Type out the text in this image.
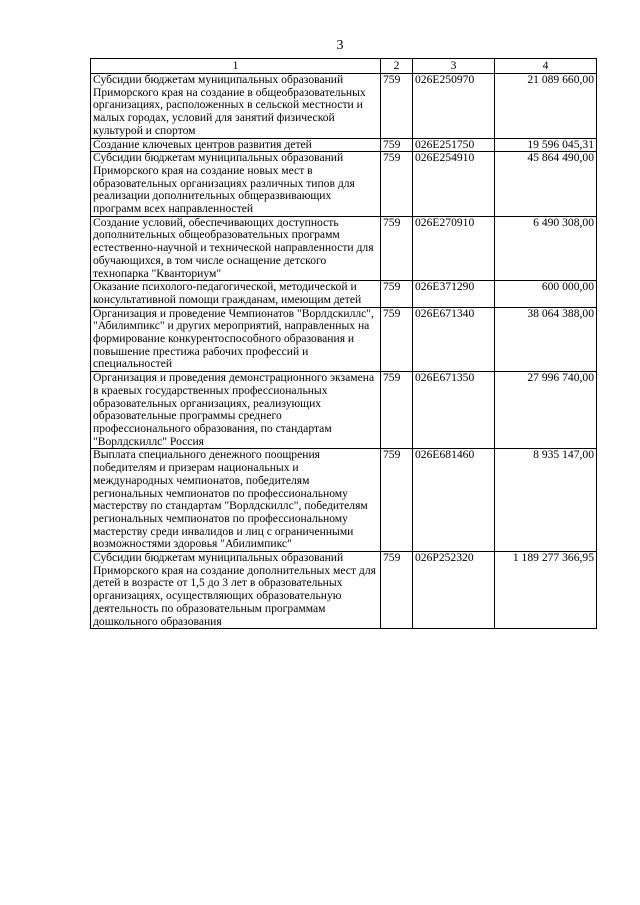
3
1	2	3	4
Субсидии бюджетам муниципальных образований Приморского края на создание в общеобразовательных организациях, расположенных в сельской местности и малых городах, условий для занятий физической культурой и спортом	759	026E250970	21 089 660,00
Создание ключевых центров развития детей	759	026E251750	19 596 045,31
Субсидии бюджетам муниципальных образований Приморского края на создание новых мест в образовательных организациях различных типов для реализации дополнительных общеразвивающих программ всех направленностей	759	026E254910	45 864 490,00
Создание условий, обеспечивающих доступность дополнительных общеобразовательных программ естественно-научной и технической направленности для обучающихся, в том числе оснащение детского технопарка "Кванториум"	759	026E270910	6 490 308,00
Оказание психолого-педагогической, методической и консультативной помощи гражданам, имеющим детей	759	026E371290	600 000,00
Организация и проведение Чемпионатов "Ворлдскиллс", "Абилимпикс" и других мероприятий, направленных на формирование конкурентоспособного образования и повышение престижа рабочих профессий и специальностей	759	026E671340	38 064 388,00
Организация и проведения демонстрационного экзамена в краевых государственных профессиональных образовательных организациях, реализующих образовательные программы среднего профессионального образования, по стандартам "Ворлдскиллс" Россия	759	026E671350	27 996 740,00
Выплата специального денежного поощрения победителям и призерам национальных и международных чемпионатов, победителям региональных чемпионатов по профессиональному мастерству по стандартам "Ворлдскиллс", победителям региональных чемпионатов по профессиональному мастерству среди инвалидов и лиц с ограниченными возможностями здоровья "Абилимпикс"	759	026E681460	8 935 147,00
Субсидии бюджетам муниципальных образований Приморского края на создание дополнительных мест для детей в возрасте от 1,5 до 3 лет в образовательных организациях, осуществляющих образовательную деятельность по образовательным программам дошкольного образования	759	026P252320	1 189 277 366,95
